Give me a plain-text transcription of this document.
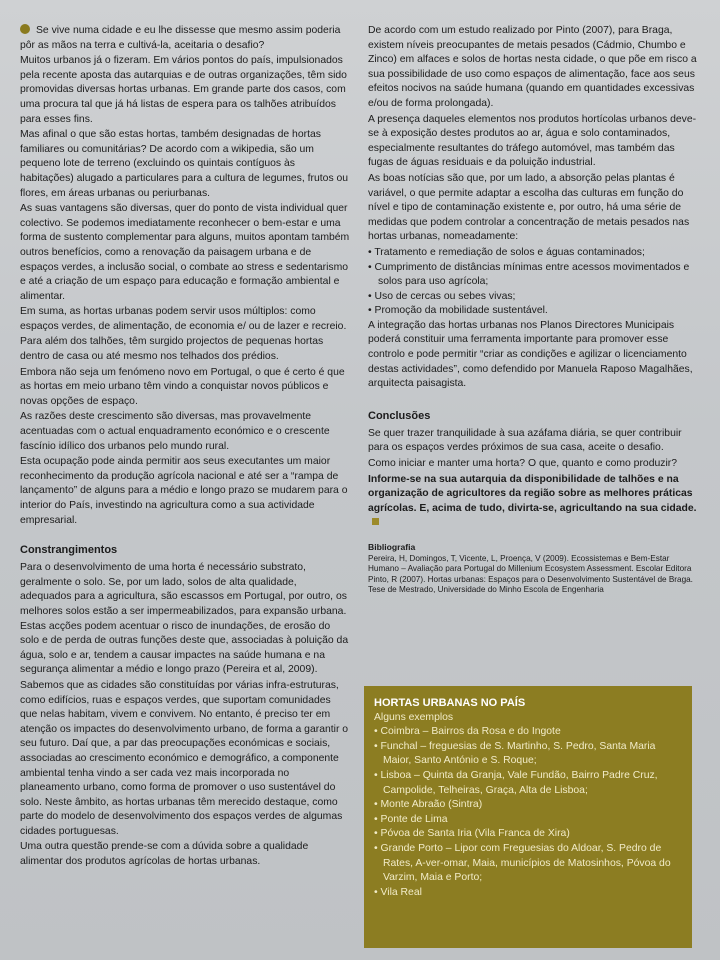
Se vive numa cidade e eu lhe dissesse que mesmo assim poderia pôr as mãos na terra e cultivá-la, aceitaria o desafio?

Muitos urbanos já o fizeram. Em vários pontos do país, impulsionados pela recente aposta das autarquias e de outras organizações, têm sido promovidas diversas hortas urbanas. Em grande parte dos casos, com uma procura tal que já há listas de espera para os talhões atribuídos para esses fins.

Mas afinal o que são estas hortas, também designadas de hortas familiares ou comunitárias? De acordo com a wikipedia, são um pequeno lote de terreno (excluindo os quintais contíguos às habitações) alugado a particulares para a cultura de legumes, frutos ou flores, em áreas urbanas ou periurbanas.

As suas vantagens são diversas, quer do ponto de vista individual quer colectivo. Se podemos imediatamente reconhecer o bem-estar e uma forma de sustento complementar para alguns, muitos apontam também outros benefícios, como a renovação da paisagem urbana e de espaços verdes, a inclusão social, o combate ao stress e sedentarismo e até a criação de um espaço para educação e formação ambiental e alimentar.

Em suma, as hortas urbanas podem servir usos múltiplos: como espaços verdes, de alimentação, de economia e/ ou de lazer e recreio.

Para além dos talhões, têm surgido projectos de pequenas hortas dentro de casa ou até mesmo nos telhados dos prédios.

Embora não seja um fenómeno novo em Portugal, o que é certo é que as hortas em meio urbano têm vindo a conquistar novos públicos e novas opções de espaço.

As razões deste crescimento são diversas, mas provavelmente acentuadas com o actual enquadramento económico e o crescente fascínio idílico dos urbanos pelo mundo rural.

Esta ocupação pode ainda permitir aos seus executantes um maior reconhecimento da produção agrícola nacional e até ser a “rampa de lançamento” de alguns para a médio e longo prazo se mudarem para o interior do País, investindo na agricultura como a sua actividade empresarial.

Constrangimentos

Para o desenvolvimento de uma horta é necessário substrato, geralmente o solo. Se, por um lado, solos de alta qualidade, adequados para a agricultura, são escassos em Portugal, por outro, os melhores solos estão a ser impermeabilizados, para expansão urbana. Estas acções podem acentuar o risco de inundações, de erosão do solo e de perda de outras funções deste que, associadas à poluição da água, solo e ar, tendem a causar impactes na saúde humana e na segurança alimentar a médio e longo prazo (Pereira et al, 2009).

Sabemos que as cidades são constituídas por várias infra-estruturas, como edifícios, ruas e espaços verdes, que suportam comunidades que nelas habitam, vivem e convivem. No entanto, é preciso ter em atenção os impactes do desenvolvimento urbano, de forma a garantir o seu futuro. Daí que, a par das preocupações económicas e sociais, associadas ao crescimento económico e demográfico, a componente ambiental tenha vindo a ser cada vez mais incorporada no planeamento urbano, como forma de promover o uso sustentável do solo. Neste âmbito, as hortas urbanas têm merecido destaque, como parte do modelo de desenvolvimento dos espaços verdes de algumas cidades portuguesas.

Uma outra questão prende-se com a dúvida sobre a qualidade alimentar dos produtos agrícolas de hortas urbanas.

De acordo com um estudo realizado por Pinto (2007), para Braga, existem níveis preocupantes de metais pesados (Cádmio, Chumbo e Zinco) em alfaces e solos de hortas nesta cidade, o que põe em risco a sua possibilidade de uso como espaços de alimentação, face aos seus efeitos nocivos na saúde humana (quando em quantidades excessivas e/ou de forma prolongada).

A presença daqueles elementos nos produtos hortícolas urbanos deve-se à exposição destes produtos ao ar, água e solo contaminados, especialmente resultantes do tráfego automóvel, mas também das fugas de águas residuais e da poluição industrial.

As boas notícias são que, por um lado, a absorção pelas plantas é variável, o que permite adaptar a escolha das culturas em função do nível e tipo de contaminação existente e, por outro, há uma série de medidas que podem controlar a concentração de metais pesados nas hortas urbanas, nomeadamente:

• Tratamento e remediação de solos e águas contaminados;
• Cumprimento de distâncias mínimas entre acessos movimentados e solos para uso agrícola;
• Uso de cercas ou sebes vivas;
• Promoção da mobilidade sustentável.

A integração das hortas urbanas nos Planos Directores Municipais poderá constituir uma ferramenta importante para promover esse controlo e pode permitir “criar as condições e agilizar o licenciamento destas actividades”, como defendido por Manuela Raposo Magalhães, arquitecta paisagista.

Conclusões

Se quer trazer tranquilidade à sua azáfama diária, se quer contribuir para os espaços verdes próximos de sua casa, aceite o desafio.

Como iniciar e manter uma horta? O que, quanto e como produzir?

Informe-se na sua autarquia da disponibilidade de talhões e na organização de agricultores da região sobre as melhores práticas agrícolas. E, acima de tudo, divirta-se, agricultando na sua cidade.

Bibliografia

Pereira, H, Domingos, T, Vicente, L, Proença, V (2009). Ecossistemas e Bem-Estar Humano – Avaliação para Portugal do Millenium Ecosystem Assessment. Escolar Editora

Pinto, R (2007). Hortas urbanas: Espaços para o Desenvolvimento Sustentável de Braga. Tese de Mestrado, Universidade do Minho Escola de Engenharia

HORTAS URBANAS NO PAÍS
Alguns exemplos
• Coimbra – Bairros da Rosa e do Ingote
• Funchal – freguesias de S. Martinho, S. Pedro, Santa Maria Maior, Santo António e S. Roque;
• Lisboa – Quinta da Granja, Vale Fundão, Bairro Padre Cruz, Campolide, Telheiras, Graça, Alta de Lisboa;
• Monte Abraão (Sintra)
• Ponte de Lima
• Póvoa de Santa Iria (Vila Franca de Xira)
• Grande Porto – Lipor com Freguesias do Aldoar, S. Pedro de Rates, A-ver-omar, Maia, municípios de Matosinhos, Póvoa do Varzim, Maia e Porto;
• Vila Real
